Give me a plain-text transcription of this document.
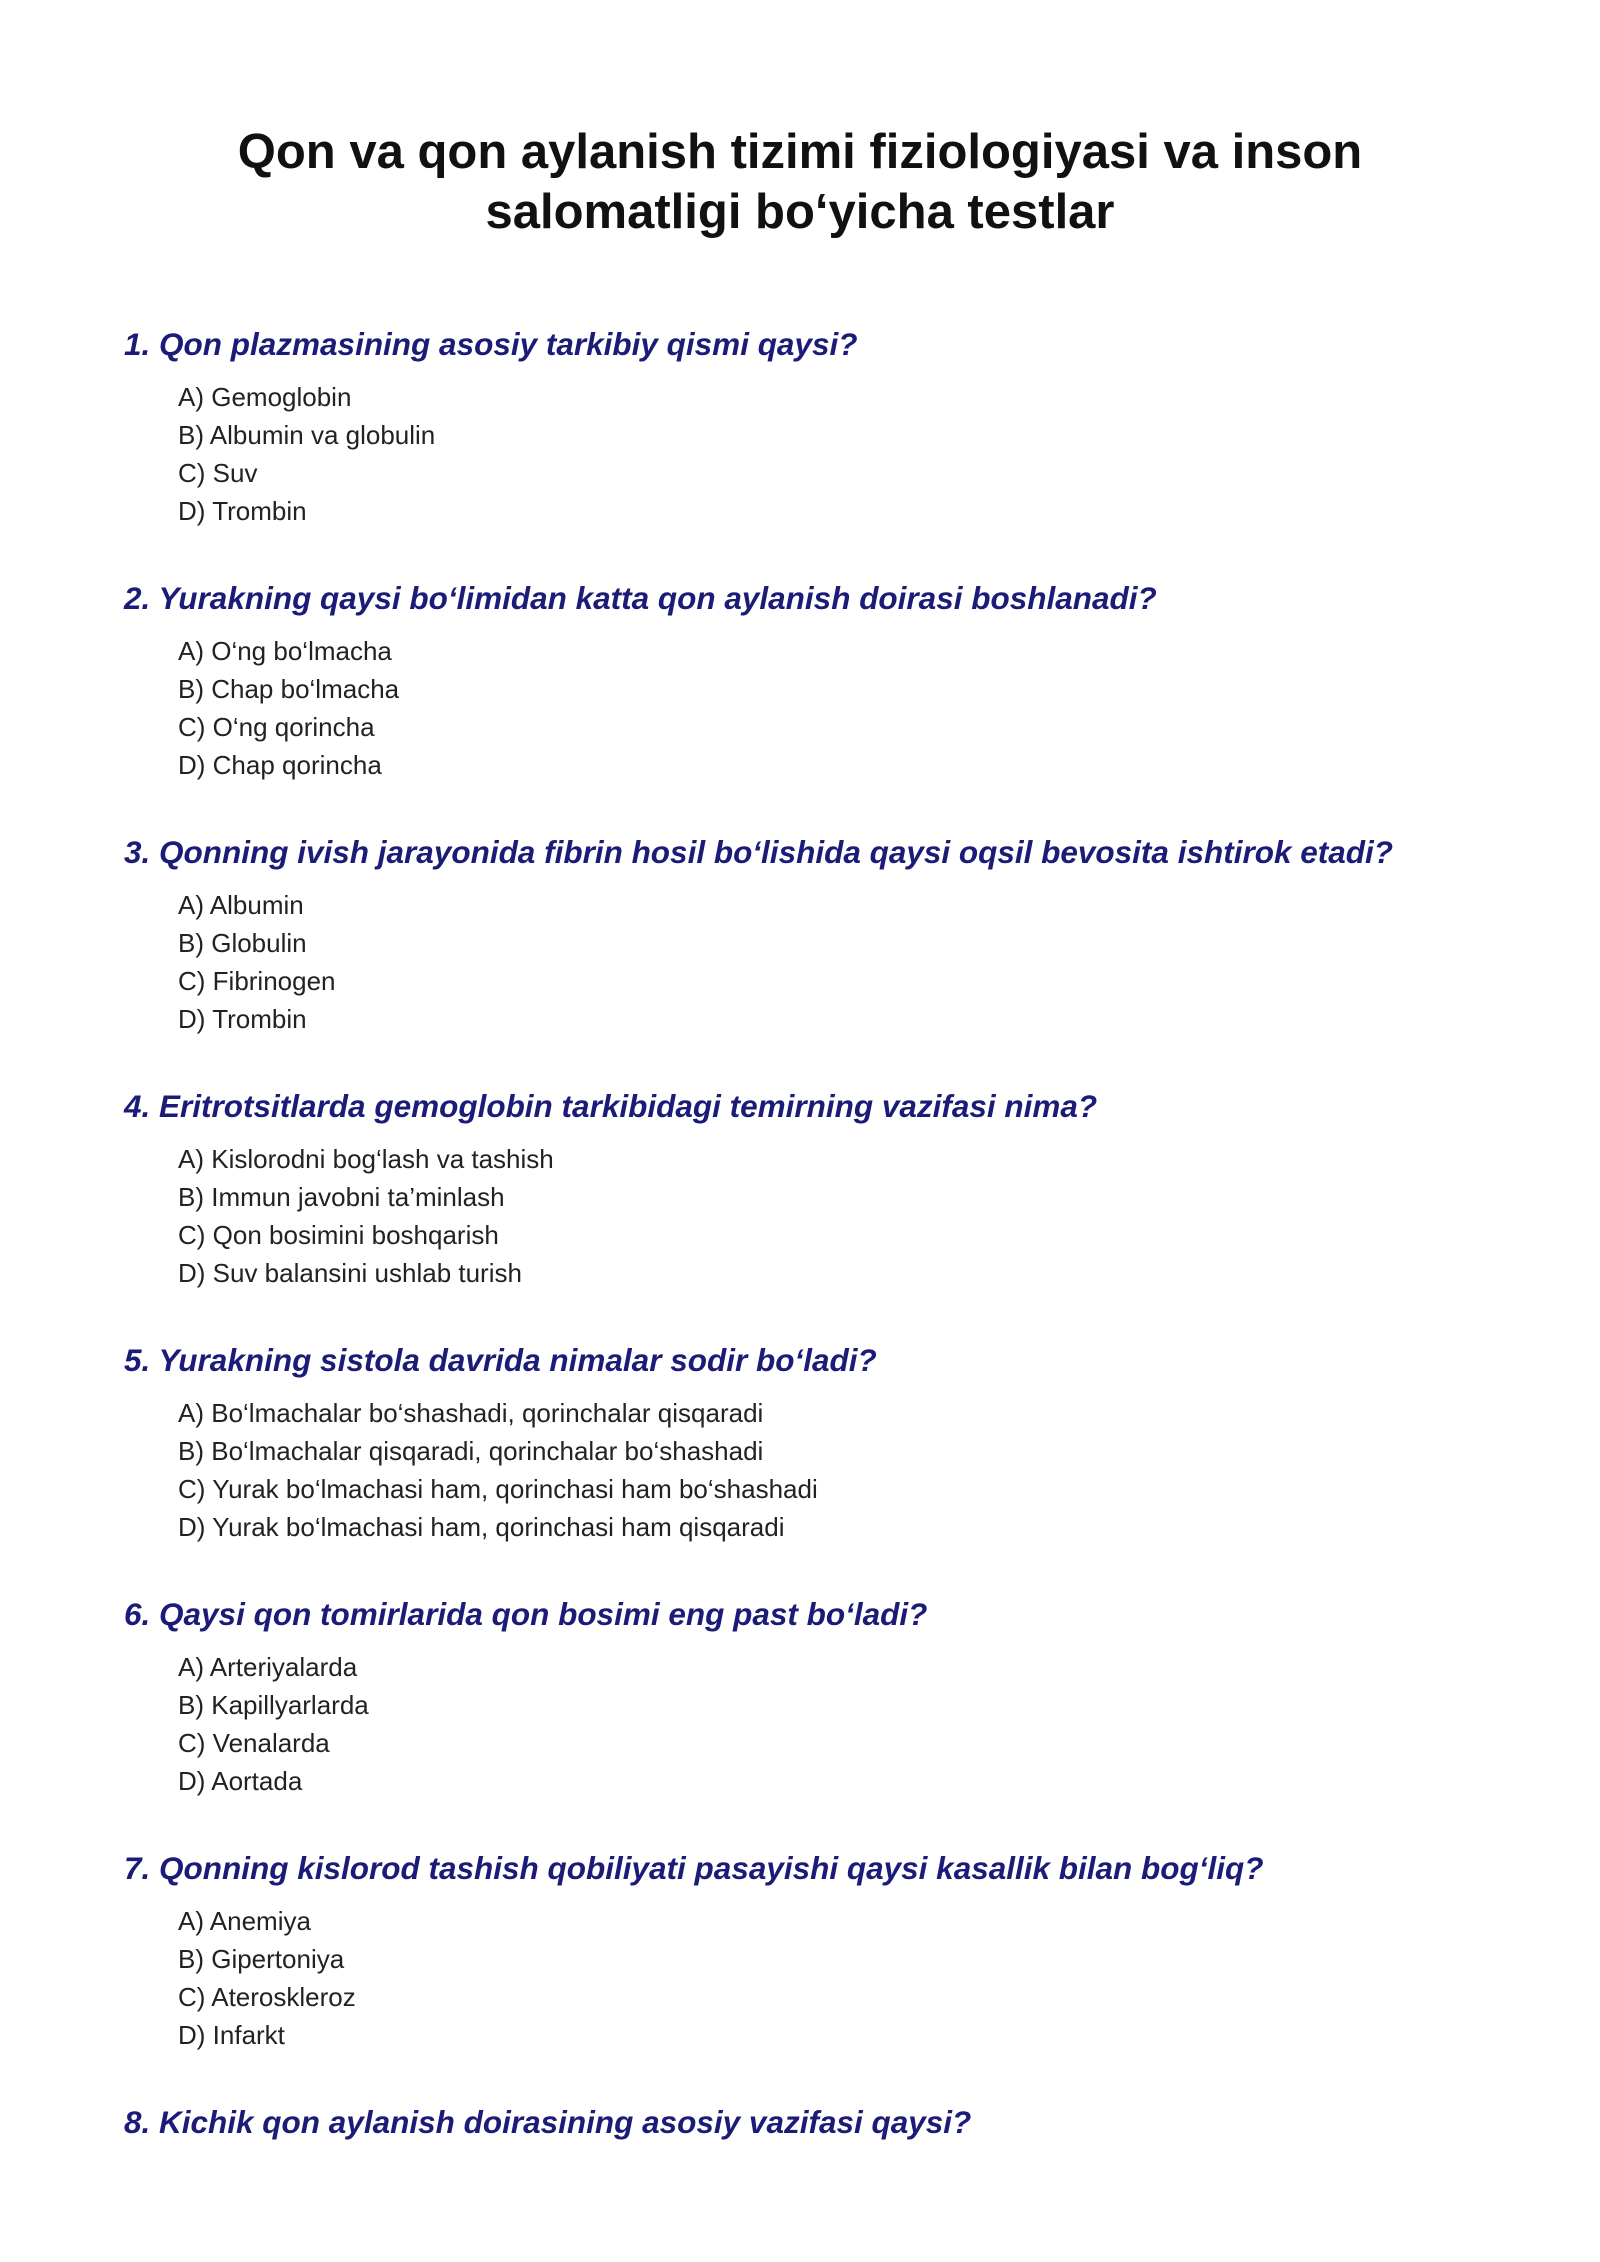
Qon va qon aylanish tizimi fiziologiyasi va inson
salomatligi bo‘yicha testlar

1. Qon plazmasining asosiy tarkibiy qismi qaysi?

A) Gemoglobin
B) Albumin va globulin
C) Suv
D) Trombin

2. Yurakning qaysi bo‘limidan katta qon aylanish doirasi boshlanadi?

A) O‘ng bo‘lmacha
B) Chap bo‘lmacha
C) O‘ng qorincha
D) Chap qorincha

3. Qonning ivish jarayonida fibrin hosil bo‘lishida qaysi oqsil bevosita ishtirok etadi?

A) Albumin
B) Globulin
C) Fibrinogen
D) Trombin

4. Eritrotsitlarda gemoglobin tarkibidagi temirning vazifasi nima?

A) Kislorodni bog‘lash va tashish
B) Immun javobni ta’minlash
C) Qon bosimini boshqarish
D) Suv balansini ushlab turish

5. Yurakning sistola davrida nimalar sodir bo‘ladi?

A) Bo‘lmachalar bo‘shashadi, qorinchalar qisqaradi
B) Bo‘lmachalar qisqaradi, qorinchalar bo‘shashadi
C) Yurak bo‘lmachasi ham, qorinchasi ham bo‘shashadi
D) Yurak bo‘lmachasi ham, qorinchasi ham qisqaradi

6. Qaysi qon tomirlarida qon bosimi eng past bo‘ladi?

A) Arteriyalarda
B) Kapillyarlarda
C) Venalarda
D) Aortada

7. Qonning kislorod tashish qobiliyati pasayishi qaysi kasallik bilan bog‘liq?

A) Anemiya
B) Gipertoniya
C) Ateroskleroz
D) Infarkt

8. Kichik qon aylanish doirasining asosiy vazifasi qaysi?
